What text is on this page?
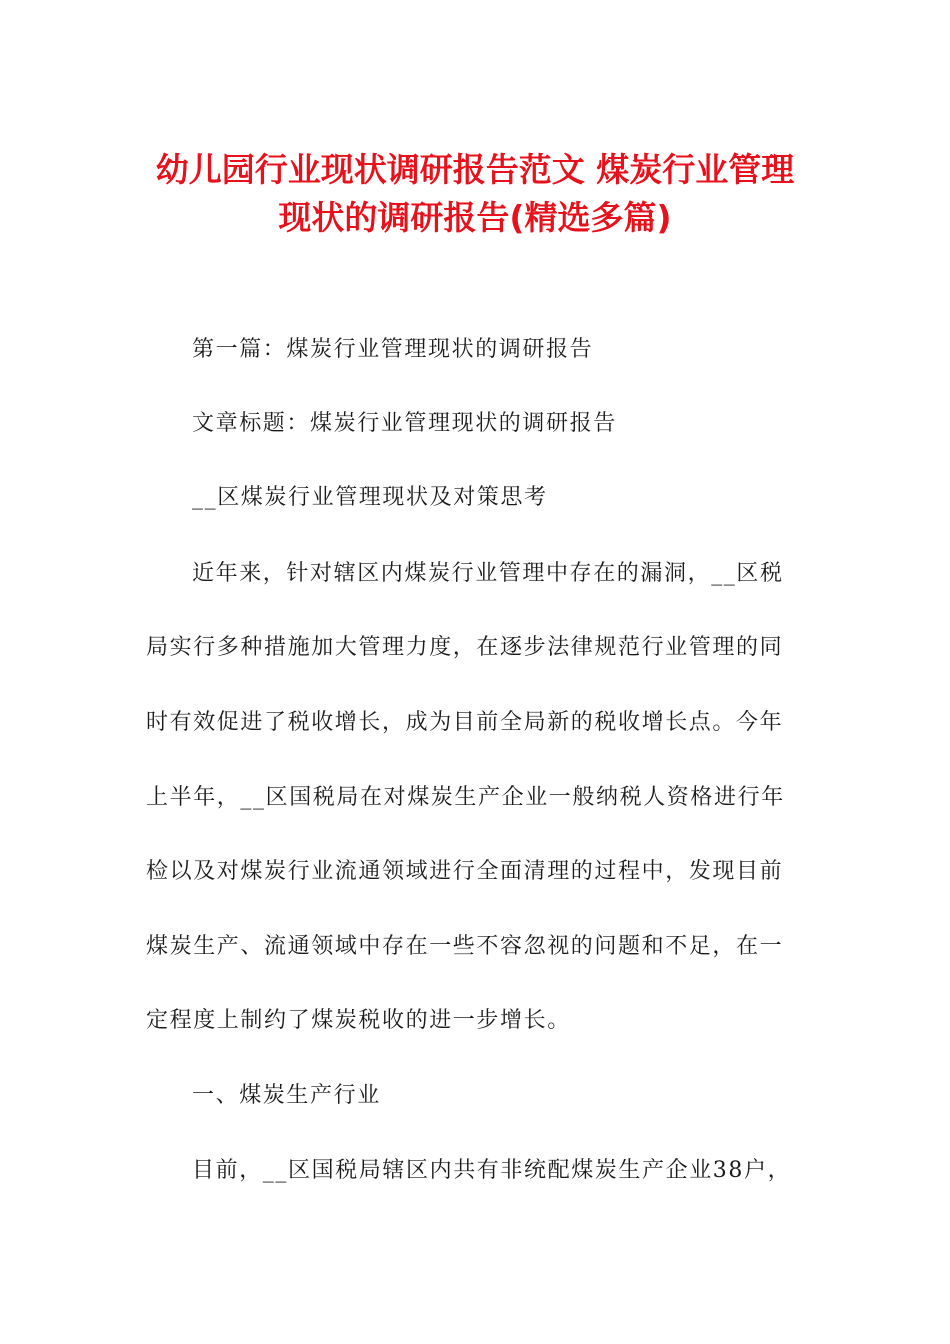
幼儿园行业现状调研报告范文 煤炭行业管理
现状的调研报告(精选多篇)
第一篇：煤炭行业管理现状的调研报告
文章标题：煤炭行业管理现状的调研报告
__区煤炭行业管理现状及对策思考
近年来，针对辖区内煤炭行业管理中存在的漏洞，__区税
局实行多种措施加大管理力度，在逐步法律规范行业管理的同
时有效促进了税收增长，成为目前全局新的税收增长点。今年
上半年，__区国税局在对煤炭生产企业一般纳税人资格进行年
检以及对煤炭行业流通领域进行全面清理的过程中，发现目前
煤炭生产、流通领域中存在一些不容忽视的问题和不足，在一
定程度上制约了煤炭税收的进一步增长。
一、煤炭生产行业
目前，__区国税局辖区内共有非统配煤炭生产企业38户，
